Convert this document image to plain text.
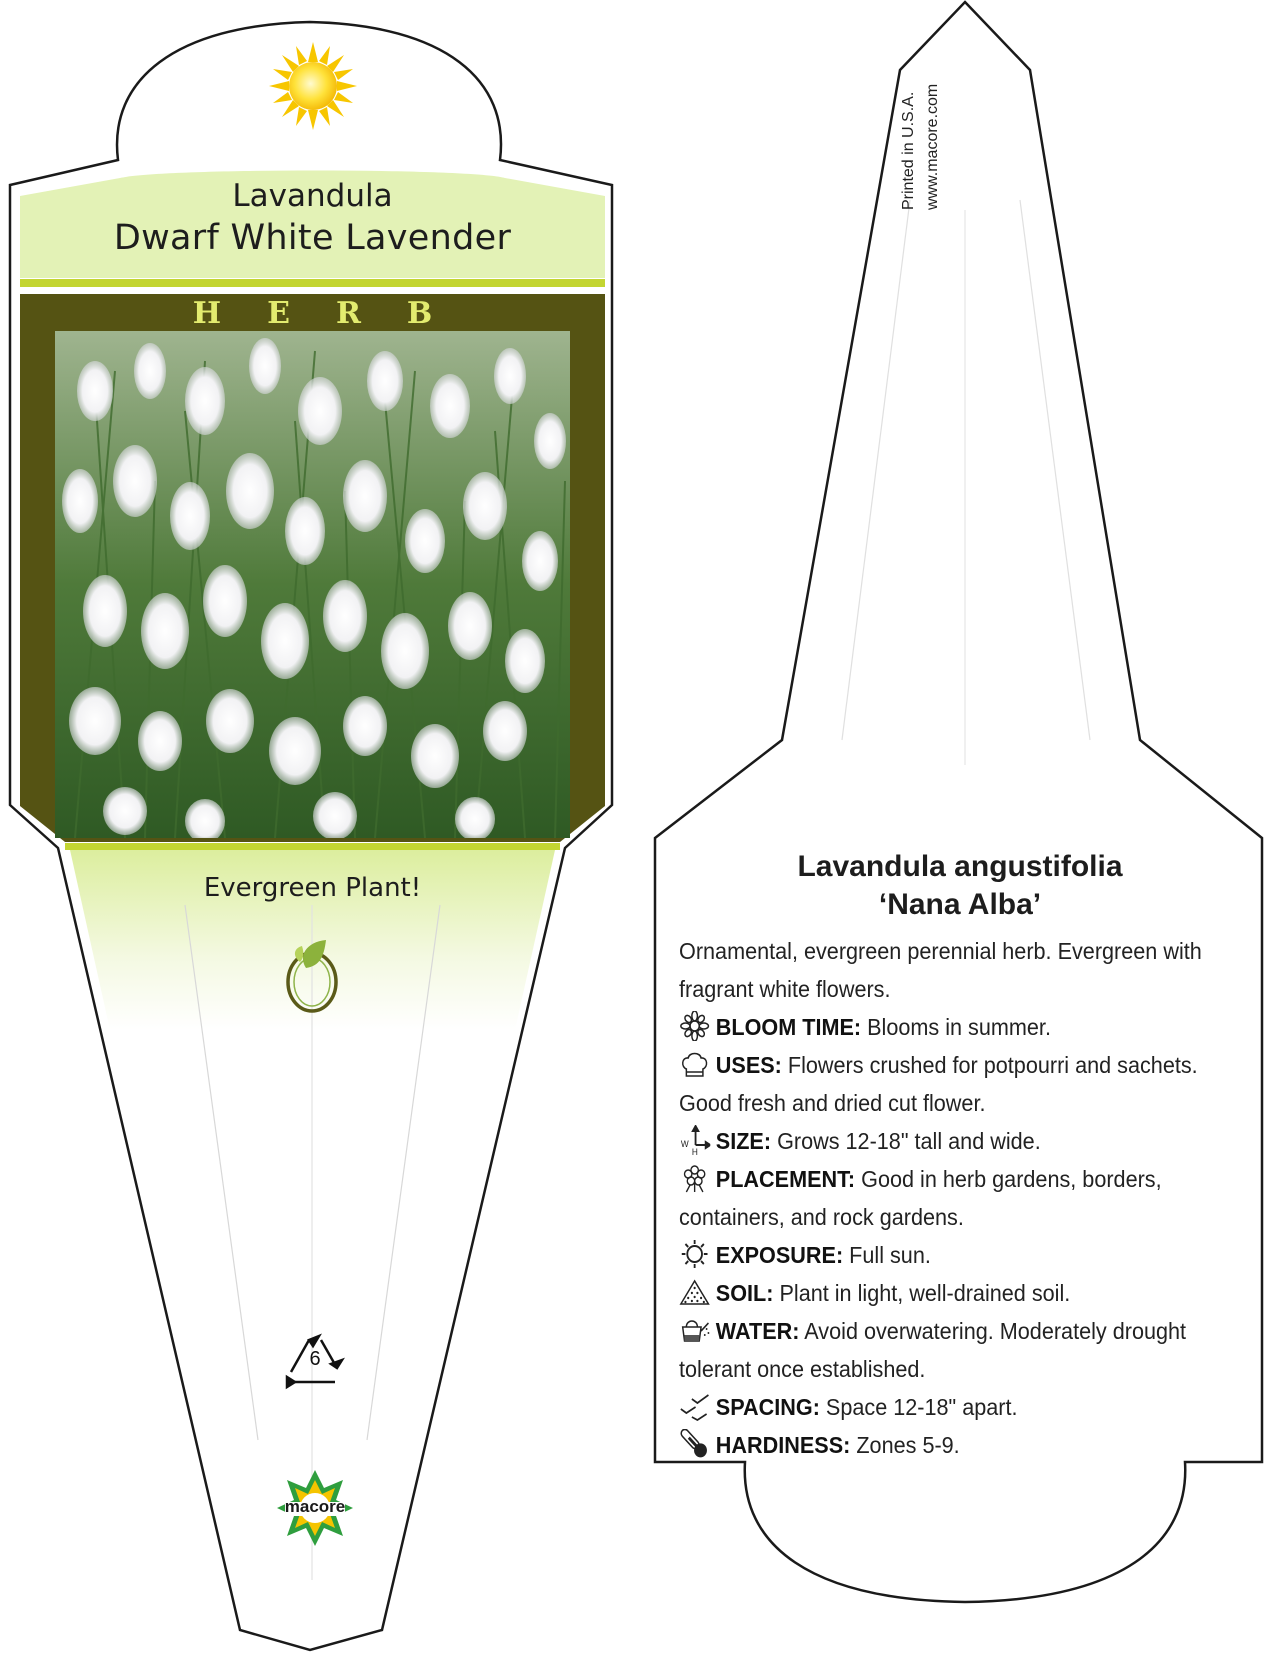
Lavandula
Dwarf White Lavender
HERB
Evergreen Plant!
6
macore
Printed in U.S.A. www.macore.com
Lavandula angustifolia
‘Nana Alba’

Ornamental, evergreen perennial herb. Evergreen with fragrant white flowers.

BLOOM TIME: Blooms in summer.

USES: Flowers crushed for potpourri and sachets. Good fresh and dried cut flower.

W
H SIZE: Grows 12-18" tall and wide.

PLACEMENT: Good in herb gardens, borders, containers, and rock gardens.

EXPOSURE: Full sun.

SOIL: Plant in light, well-drained soil.

WATER: Avoid overwatering. Moderately drought tolerant once established.

SPACING: Space 12-18" apart.

HARDINESS: Zones 5-9.
